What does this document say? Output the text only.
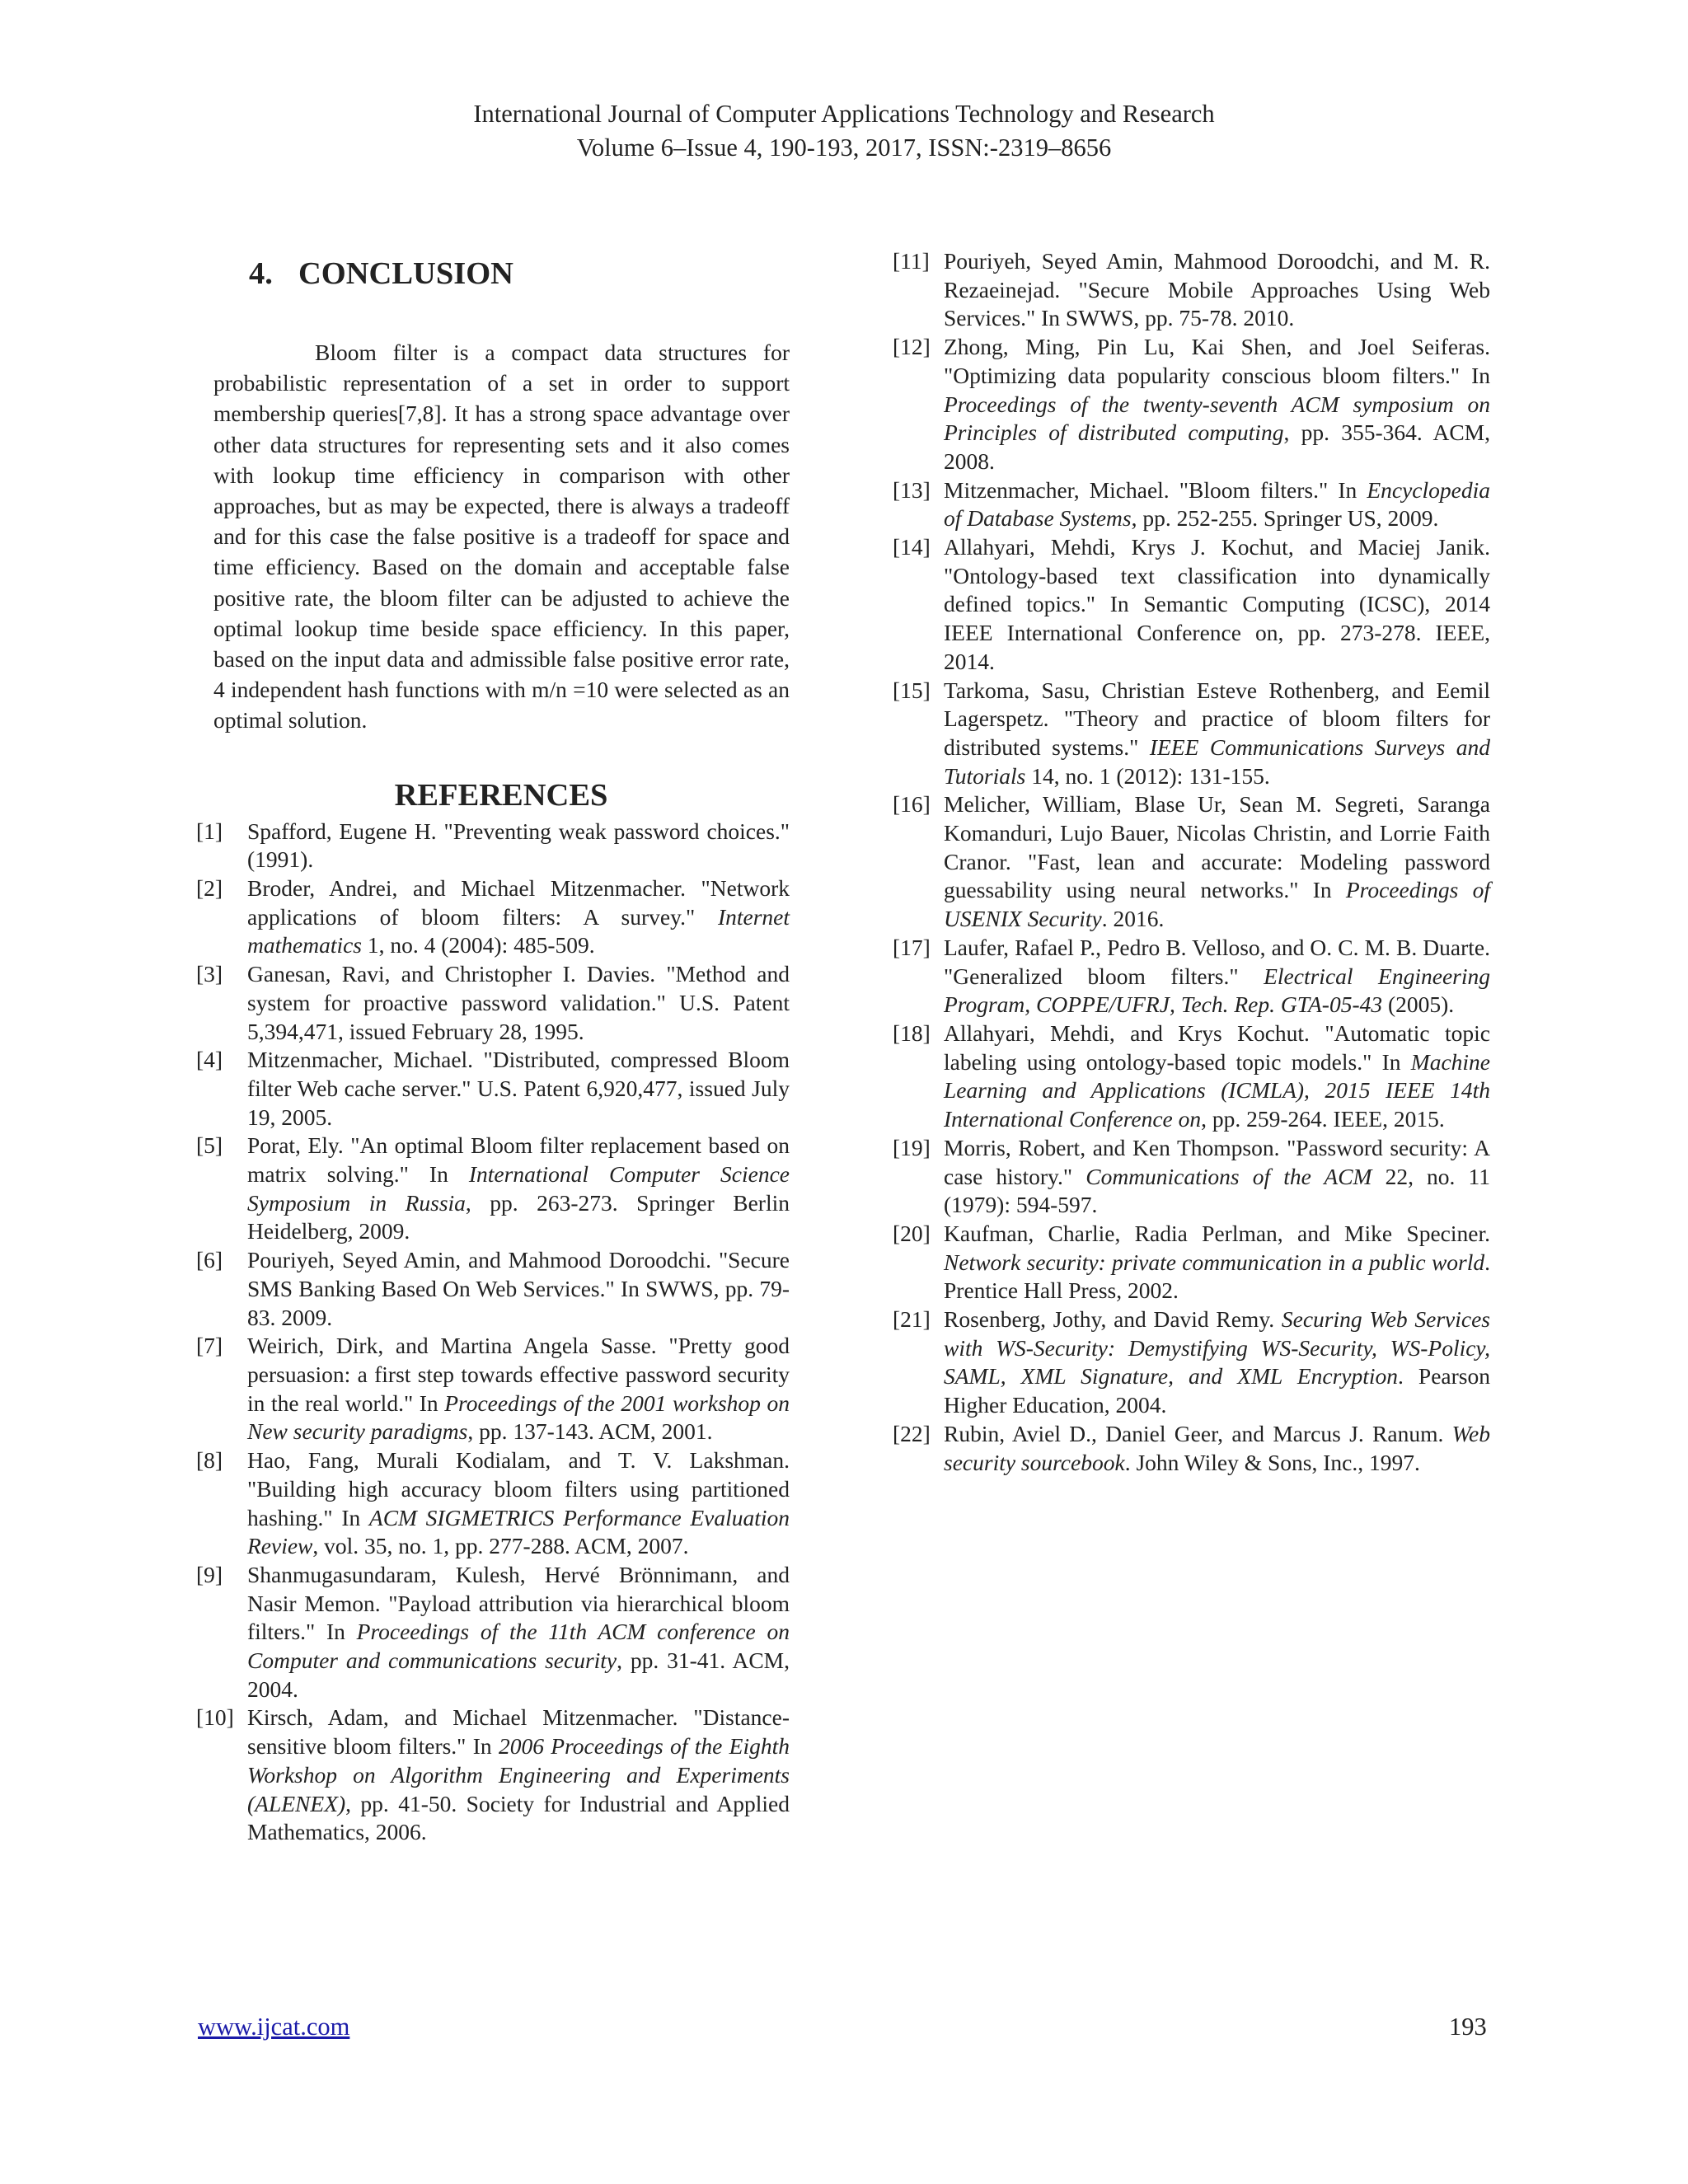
International Journal of Computer Applications Technology and Research
Volume 6–Issue 4, 190-193, 2017, ISSN:-2319–8656
4. CONCLUSION
Bloom filter is a compact data structures for probabilistic representation of a set in order to support membership queries[7,8]. It has a strong space advantage over other data structures for representing sets and it also comes with lookup time efficiency in comparison with other approaches, but as may be expected, there is always a tradeoff and for this case the false positive is a tradeoff for space and time efficiency. Based on the domain and acceptable false positive rate, the bloom filter can be adjusted to achieve the optimal lookup time beside space efficiency. In this paper, based on the input data and admissible false positive error rate, 4 independent hash functions with m/n =10 were selected as an optimal solution.
REFERENCES
[1]	Spafford, Eugene H. "Preventing weak password choices." (1991).
[2]	Broder, Andrei, and Michael Mitzenmacher. "Network applications of bloom filters: A survey." Internet mathematics 1, no. 4 (2004): 485-509.
[3]	Ganesan, Ravi, and Christopher I. Davies. "Method and system for proactive password validation." U.S. Patent 5,394,471, issued February 28, 1995.
[4]	Mitzenmacher, Michael. "Distributed, compressed Bloom filter Web cache server." U.S. Patent 6,920,477, issued July 19, 2005.
[5]	Porat, Ely. "An optimal Bloom filter replacement based on matrix solving." In International Computer Science Symposium in Russia, pp. 263-273. Springer Berlin Heidelberg, 2009.
[6]	Pouriyeh, Seyed Amin, and Mahmood Doroodchi. "Secure SMS Banking Based On Web Services." In SWWS, pp. 79-83. 2009.
[7]	Weirich, Dirk, and Martina Angela Sasse. "Pretty good persuasion: a first step towards effective password security in the real world." In Proceedings of the 2001 workshop on New security paradigms, pp. 137-143. ACM, 2001.
[8]	Hao, Fang, Murali Kodialam, and T. V. Lakshman. "Building high accuracy bloom filters using partitioned hashing." In ACM SIGMETRICS Performance Evaluation Review, vol. 35, no. 1, pp. 277-288. ACM, 2007.
[9]	Shanmugasundaram, Kulesh, Hervé Brönnimann, and Nasir Memon. "Payload attribution via hierarchical bloom filters." In Proceedings of the 11th ACM conference on Computer and communications security, pp. 31-41. ACM, 2004.
[10] Kirsch, Adam, and Michael Mitzenmacher. "Distance-sensitive bloom filters." In 2006 Proceedings of the Eighth Workshop on Algorithm Engineering and Experiments (ALENEX), pp. 41-50. Society for Industrial and Applied Mathematics, 2006.
[11] Pouriyeh, Seyed Amin, Mahmood Doroodchi, and M. R. Rezaeinejad. "Secure Mobile Approaches Using Web Services." In SWWS, pp. 75-78. 2010.
[12] Zhong, Ming, Pin Lu, Kai Shen, and Joel Seiferas. "Optimizing data popularity conscious bloom filters." In Proceedings of the twenty-seventh ACM symposium on Principles of distributed computing, pp. 355-364. ACM, 2008.
[13] Mitzenmacher, Michael. "Bloom filters." In Encyclopedia of Database Systems, pp. 252-255. Springer US, 2009.
[14] Allahyari, Mehdi, Krys J. Kochut, and Maciej Janik. "Ontology-based text classification into dynamically defined topics." In Semantic Computing (ICSC), 2014 IEEE International Conference on, pp. 273-278. IEEE, 2014.
[15] Tarkoma, Sasu, Christian Esteve Rothenberg, and Eemil Lagerspetz. "Theory and practice of bloom filters for distributed systems." IEEE Communications Surveys and Tutorials 14, no. 1 (2012): 131-155.
[16] Melicher, William, Blase Ur, Sean M. Segreti, Saranga Komanduri, Lujo Bauer, Nicolas Christin, and Lorrie Faith Cranor. "Fast, lean and accurate: Modeling password guessability using neural networks." In Proceedings of USENIX Security. 2016.
[17] Laufer, Rafael P., Pedro B. Velloso, and O. C. M. B. Duarte. "Generalized bloom filters." Electrical Engineering Program, COPPE/UFRJ, Tech. Rep. GTA-05-43 (2005).
[18] Allahyari, Mehdi, and Krys Kochut. "Automatic topic labeling using ontology-based topic models." In Machine Learning and Applications (ICMLA), 2015 IEEE 14th International Conference on, pp. 259-264. IEEE, 2015.
[19] Morris, Robert, and Ken Thompson. "Password security: A case history." Communications of the ACM 22, no. 11 (1979): 594-597.
[20] Kaufman, Charlie, Radia Perlman, and Mike Speciner. Network security: private communication in a public world. Prentice Hall Press, 2002.
[21] Rosenberg, Jothy, and David Remy. Securing Web Services with WS-Security: Demystifying WS-Security, WS-Policy, SAML, XML Signature, and XML Encryption. Pearson Higher Education, 2004.
[22] Rubin, Aviel D., Daniel Geer, and Marcus J. Ranum. Web security sourcebook. John Wiley & Sons, Inc., 1997.
www.ijcat.com	193
